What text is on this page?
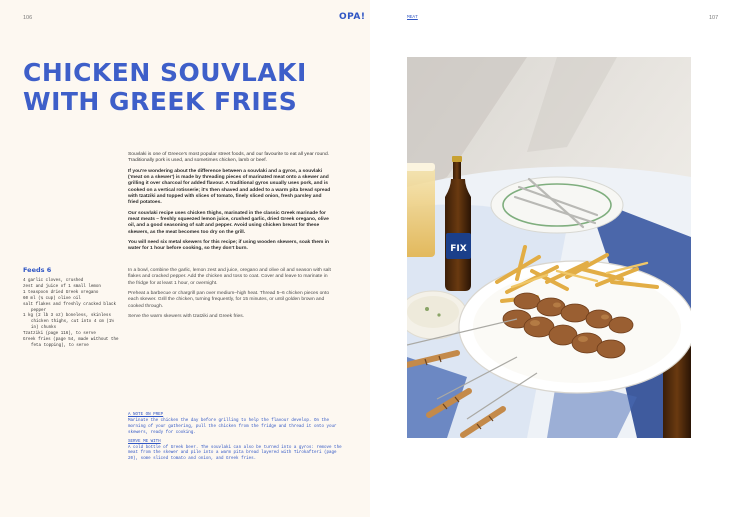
106	OPA!	MEAT	107
CHICKEN SOUVLAKI
WITH GREEK FRIES

Souvlaki is one of Greece's most popular street foods, and our favourite to eat all year round. Traditionally pork is used, and sometimes chicken, lamb or beef.

If you're wondering about the difference between a souvlaki and a gyros, a souvlaki ('meat on a skewer') is made by threading pieces of marinated meat onto a skewer and grilling it over charcoal for added flavour. A traditional gyros usually uses pork, and is cooked on a vertical rotisserie; it's then shaved and added to a warm pita bread spread with tzatziki and topped with slices of tomato, finely sliced onion, fresh parsley and fried potatoes.

Our souvlaki recipe uses chicken thighs, marinated in the classic Greek marinade for meat meats – freshly squeezed lemon juice, crushed garlic, dried Greek oregano, olive oil, and a good seasoning of salt and pepper. Avoid using chicken breast for these skewers, as the meat becomes too dry on the grill.

You will need six metal skewers for this recipe; if using wooden skewers, soak them in water for 1 hour before cooking, so they don't burn.

In a bowl, combine the garlic, lemon zest and juice, oregano and olive oil and season with salt flakes and cracked pepper. Add the chicken and toss to coat. Cover and leave to marinate in the fridge for at least 1 hour, or overnight.

Preheat a barbecue or chargrill pan over medium–high heat. Thread 5–6 chicken pieces onto each skewer. Grill the chicken, turning frequently, for 15 minutes, or until golden brown and cooked through.

Serve the warm skewers with tzatziki and Greek fries.

Feeds 6
4 garlic cloves, crushed
zest and juice of 1 small lemon
1 teaspoon dried Greek oregano
60 ml (¼ cup) olive oil
salt flakes and freshly cracked black pepper
1 kg (2 lb 3 oz) boneless, skinless chicken thighs, cut into 4 cm (1½ in) chunks
Tzatziki (page 116), to serve
Greek fries (page 54, made without the feta topping), to serve
A NOTE ON PREP
Marinate the chicken the day before grilling to help the flavour develop. On the morning of your gathering, pull the chicken from the fridge and thread it onto your skewers, ready for cooking.
SERVE ME WITH
A cold bottle of Greek beer. The souvlaki can also be turned into a gyros: remove the meat from the skewer and pile into a warm pita bread layered with Tirokafteri (page 20), some sliced tomato and onion, and Greek fries.
FIX
